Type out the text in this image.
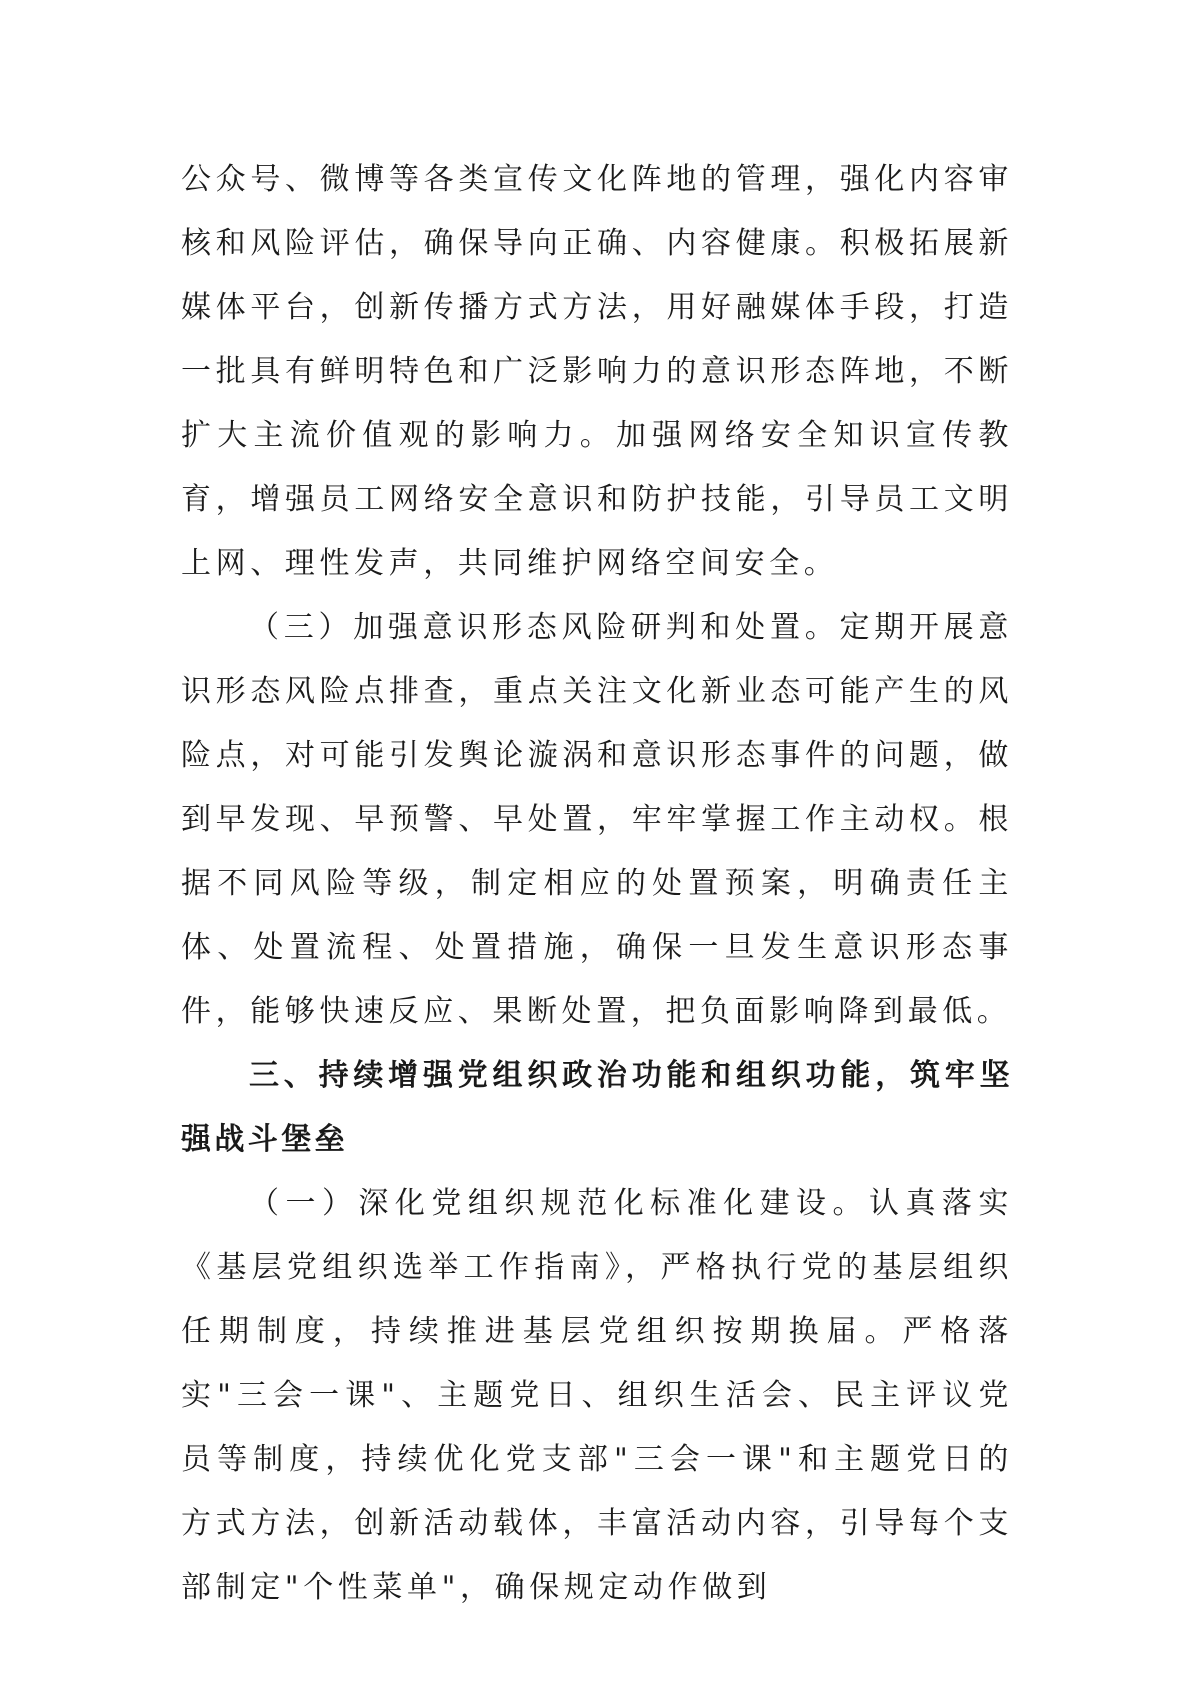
公众号、微博等各类宣传文化阵地的管理，强化内容审核和风险评估，确保导向正确、内容健康。积极拓展新媒体平台，创新传播方式方法，用好融媒体手段，打造一批具有鲜明特色和广泛影响力的意识形态阵地，不断扩大主流价值观的影响力。加强网络安全知识宣传教育，增强员工网络安全意识和防护技能，引导员工文明上网、理性发声，共同维护网络空间安全。

（三）加强意识形态风险研判和处置。定期开展意识形态风险点排查，重点关注文化新业态可能产生的风险点，对可能引发舆论漩涡和意识形态事件的问题，做到早发现、早预警、早处置，牢牢掌握工作主动权。根据不同风险等级，制定相应的处置预案，明确责任主体、处置流程、处置措施，确保一旦发生意识形态事件，能够快速反应、果断处置，把负面影响降到最低。

三、持续增强党组织政治功能和组织功能，筑牢坚强战斗堡垒

（一）深化党组织规范化标准化建设。认真落实《基层党组织选举工作指南》，严格执行党的基层组织任期制度，持续推进基层党组织按期换届。严格落实"三会一课"、主题党日、组织生活会、民主评议党员等制度，持续优化党支部"三会一课"和主题党日的方式方法，创新活动载体，丰富活动内容，引导每个支部制定"个性菜单"，确保规定动作做到
